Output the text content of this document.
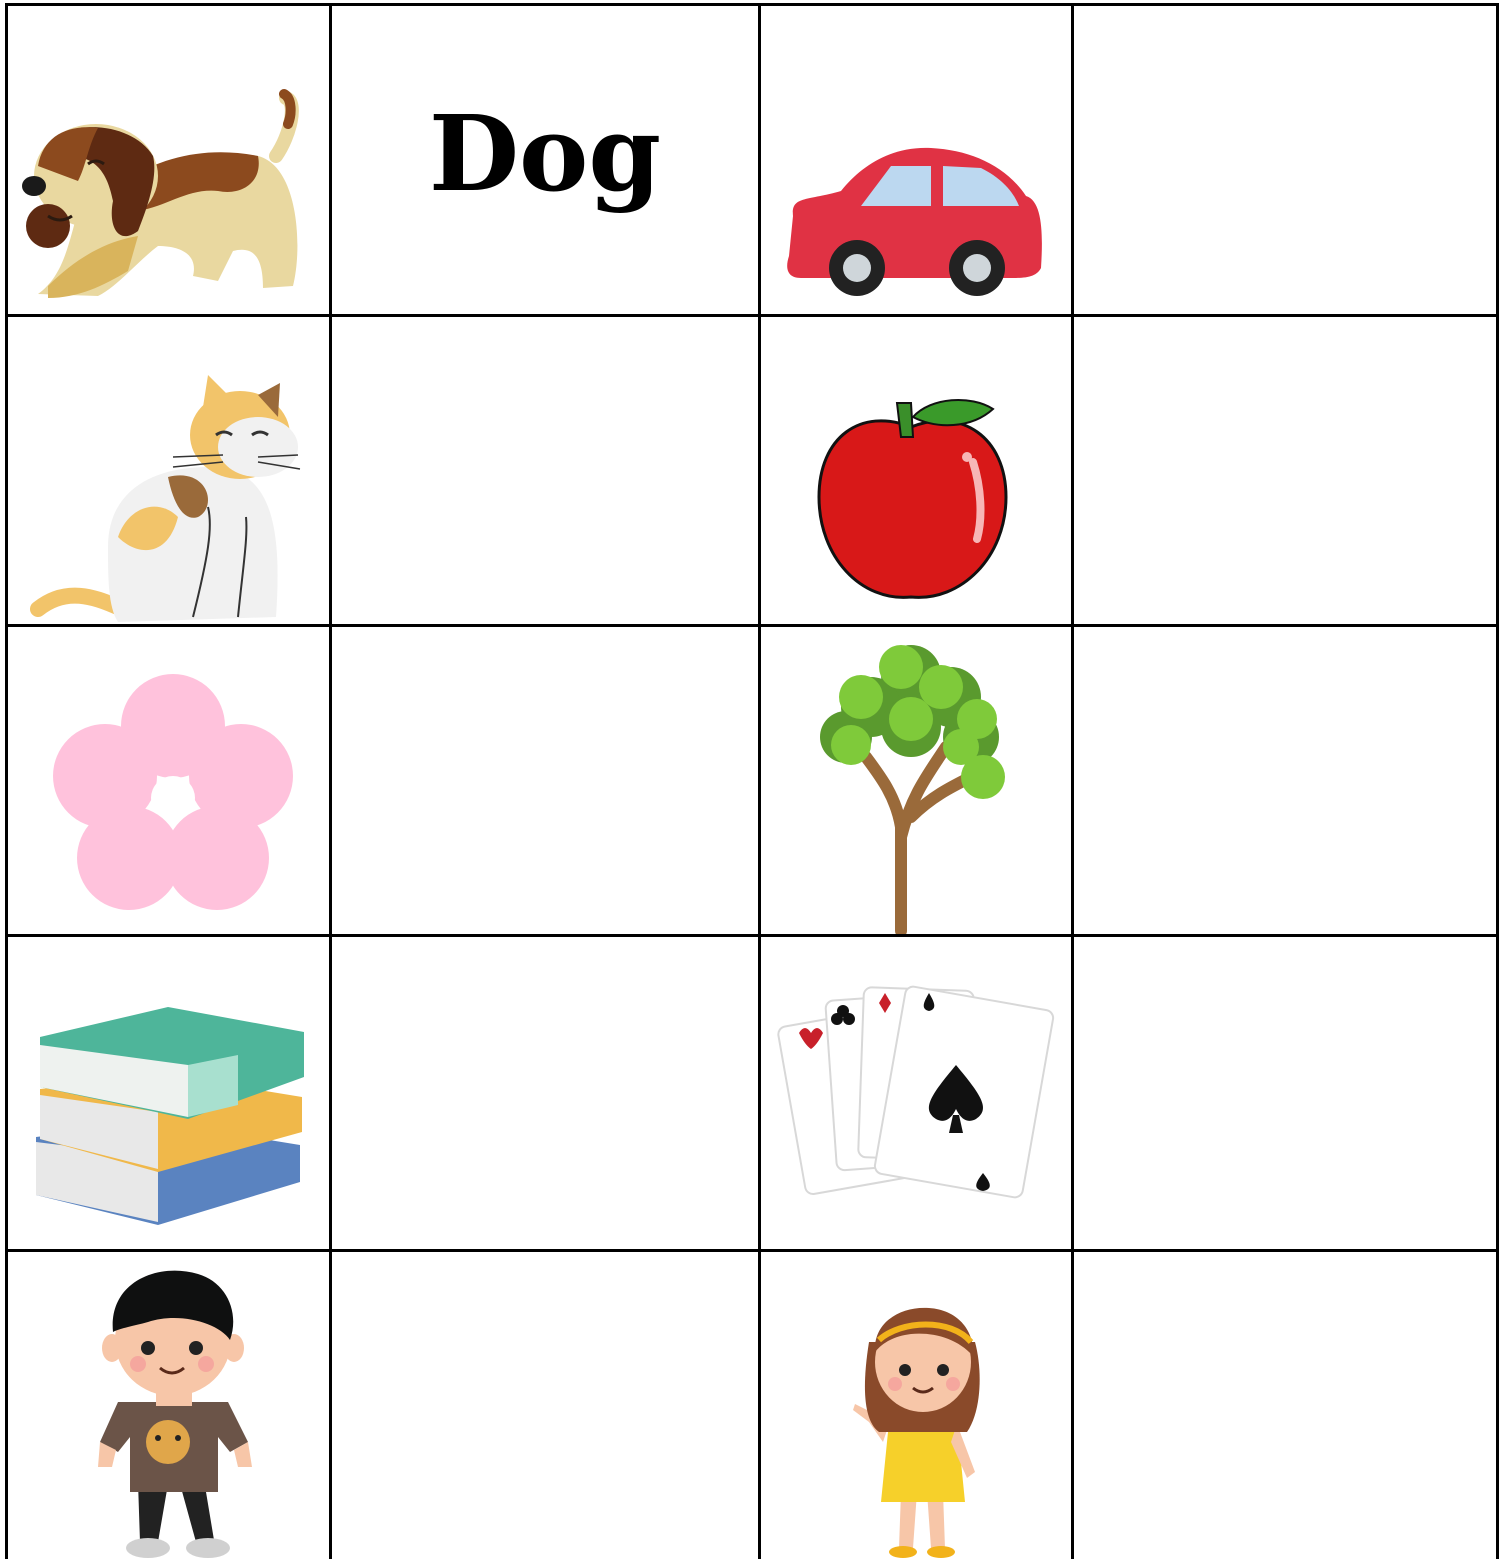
Dog
